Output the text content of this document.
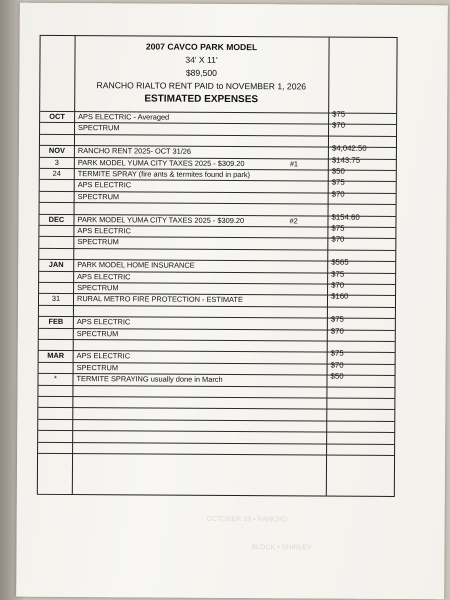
OCTOBER 18 • RANCHO
BLOCK • SHIRLEY
2007 CAVCO PARK MODEL
34' X 11'
$89,500
RANCHO RIALTO RENT PAID to NOVEMBER 1, 2026
ESTIMATED EXPENSES
OCT	APS ELECTRIC - Averaged	$75
SPECTRUM	$70
NOV	RANCHO RENT 2025- OCT 31/26	$4,042.50
3	PARK MODEL YUMA CITY TAXES 2025 - $309.20	#1	$143.75
24	TERMITE SPRAY (fire ants & termites found in park)	$50
APS ELECTRIC	$75
SPECTRUM	$70
DEC	PARK MODEL YUMA CITY TAXES 2025 - $309.20	#2	$154.60
APS ELECTRIC	$75
SPECTRUM	$70
JAN	PARK MODEL HOME INSURANCE	$565
APS ELECTRIC	$75
SPECTRUM	$70
31	RURAL METRO FIRE PROTECTION - ESTIMATE	$160
FEB	APS ELECTRIC	$75
SPECTRUM	$70
MAR	APS ELECTRIC	$75
SPECTRUM	$70
*	TERMITE SPRAYING usually done in March	$50
